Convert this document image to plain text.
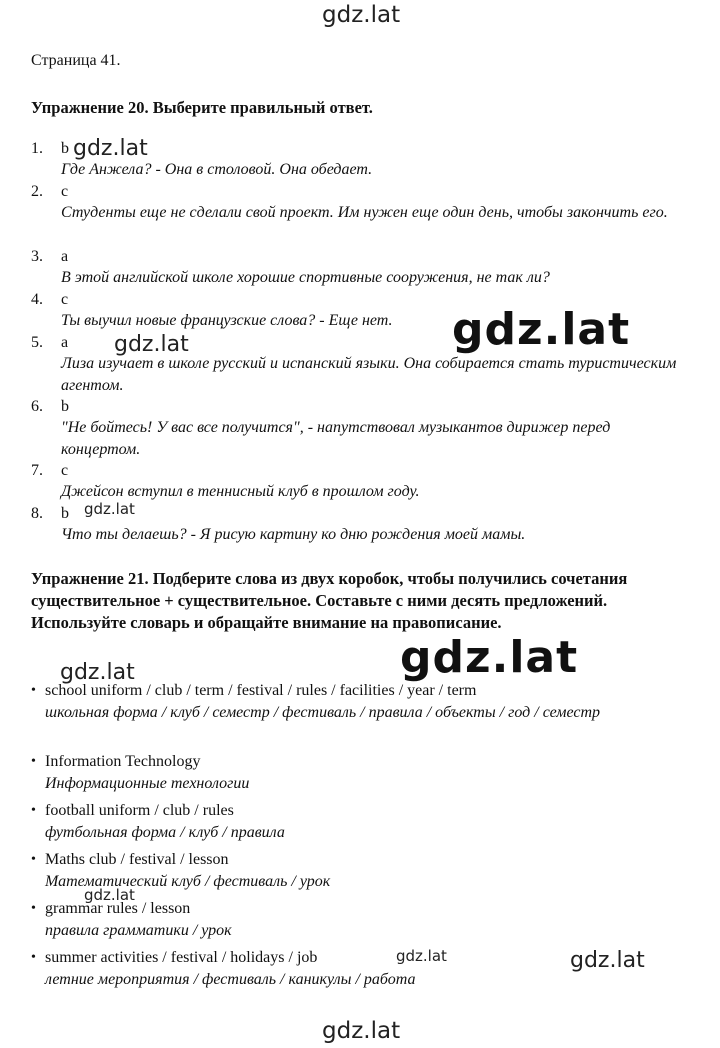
gdz.lat
Страница 41.
Упражнение 20. Выберите правильный ответ.
1. b
Где Анжела? - Она в столовой. Она обедает.
2. c
Студенты еще не сделали свой проект. Им нужен еще один день, чтобы закончить его.
3. a
В этой английской школе хорошие спортивные сооружения, не так ли?
4. c
Ты выучил новые французские слова? - Еще нет.
5. a
Лиза изучает в школе русский и испанский языки. Она собирается стать туристическим агентом.
6. b
"Не бойтесь! У вас все получится", - напутствовал музыкантов дирижер перед концертом.
7. c
Джейсон вступил в теннисный клуб в прошлом году.
8. b
Что ты делаешь? - Я рисую картину ко дню рождения моей мамы.
Упражнение 21. Подберите слова из двух коробок, чтобы получились сочетания существительное + существительное. Составьте с ними десять предложений. Используйте словарь и обращайте внимание на правописание.
• school uniform / club / term / festival / rules / facilities / year / term
школьная форма / клуб / семестр / фестиваль / правила / объекты / год / семестр
• Information Technology
Информационные технологии
• football uniform / club / rules
футбольная форма / клуб / правила
• Maths club / festival / lesson
Математический клуб / фестиваль / урок
• grammar rules / lesson
правила грамматики / урок
• summer activities / festival / holidays / job
летние мероприятия / фестиваль / каникулы / работа
gdz.lat
gdz.lat
gdz.lat
gdz.lat
gdz.lat
gdz.lat
gdz.lat
gdz.lat	gdz.lat
gdz.lat
